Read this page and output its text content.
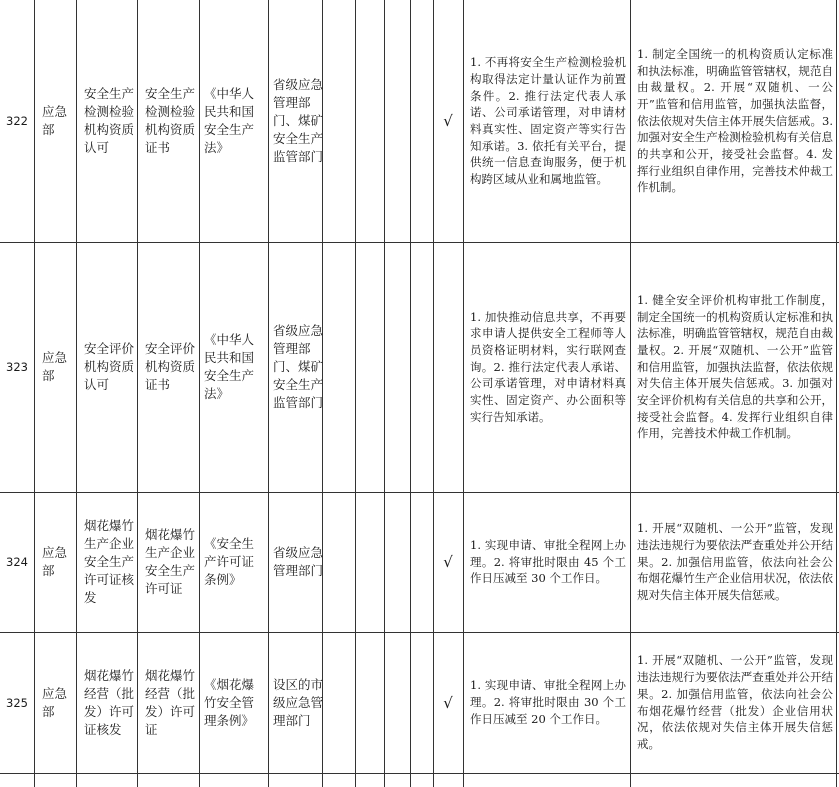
322
应急部
安全生产检测检验机构资质认可
安全生产检测检验机构资质证书
《中华人民共和国安全生产法》
省级应急管理部门、煤矿安全生产监管部门
√
1. 不再将安全生产检测检验机构取得法定计量认证作为前置条件。2. 推行法定代表人承诺、公司承诺管理，对申请材料真实性、固定资产等实行告知承诺。3. 依托有关平台，提供统一信息查询服务，便于机构跨区域从业和属地监管。
1. 制定全国统一的机构资质认定标准和执法标准，明确监管管辖权，规范自由裁量权。2. 开展“双随机、一公开”监管和信用监管，加强执法监督，依法依规对失信主体开展失信惩戒。3. 加强对安全生产检测检验机构有关信息的共享和公开，接受社会监督。4. 发挥行业组织自律作用，完善技术仲裁工作机制。
323
应急部
安全评价机构资质认可
安全评价机构资质证书
《中华人民共和国安全生产法》
省级应急管理部门、煤矿安全生产监管部门
1. 加快推动信息共享，不再要求申请人提供安全工程师等人员资格证明材料，实行联网查询。2. 推行法定代表人承诺、公司承诺管理，对申请材料真实性、固定资产、办公面积等实行告知承诺。
1. 健全安全评价机构审批工作制度，制定全国统一的机构资质认定标准和执法标准，明确监管管辖权，规范自由裁量权。2. 开展“双随机、一公开”监管和信用监管，加强执法监督，依法依规对失信主体开展失信惩戒。3. 加强对安全评价机构有关信息的共享和公开，接受社会监督。4. 发挥行业组织自律作用，完善技术仲裁工作机制。
324
应急部
烟花爆竹生产企业安全生产许可证核发
烟花爆竹生产企业安全生产许可证
《安全生产许可证条例》
省级应急管理部门	√
1. 实现申请、审批全程网上办理。2. 将审批时限由 45 个工作日压减至 30 个工作日。
1. 开展“双随机、一公开”监管，发现违法违规行为要依法严查重处并公开结果。2. 加强信用监管，依法向社会公布烟花爆竹生产企业信用状况，依法依规对失信主体开展失信惩戒。
325
应急部
烟花爆竹经营（批发）许可证核发
烟花爆竹经营（批发）许可证
《烟花爆竹安全管理条例》
设区的市级应急管理部门
√
1. 实现申请、审批全程网上办理。2. 将审批时限由 30 个工作日压减至 20 个工作日。
1. 开展“双随机、一公开”监管，发现违法违规行为要依法严查重处并公开结果。2. 加强信用监管，依法向社会公布烟花爆竹经营（批发）企业信用状况，依法依规对失信主体开展失信惩戒。
